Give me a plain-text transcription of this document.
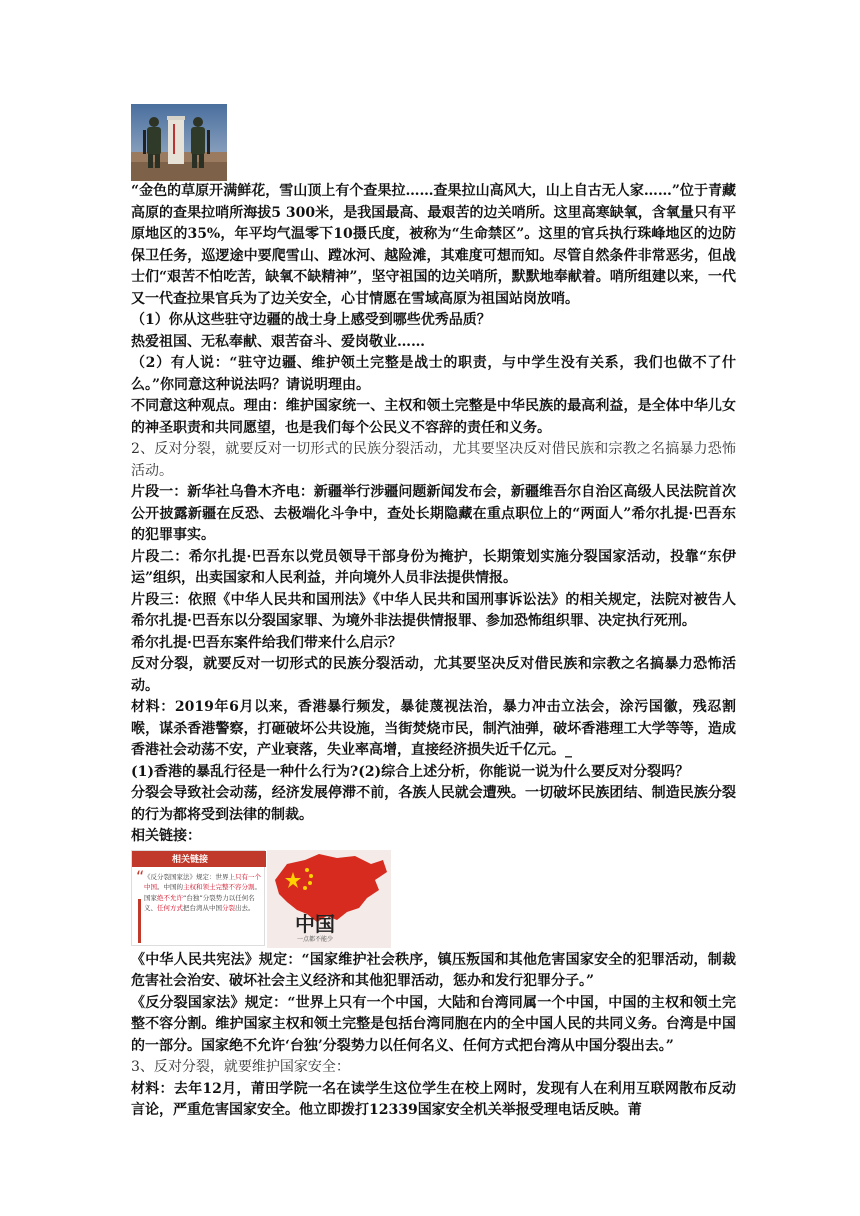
“金色的草原开满鲜花，雪山顶上有个查果拉……查果拉山高风大，山上自古无人家……”位于青藏高原的查果拉哨所海拔5 300米，是我国最高、最艰苦的边关哨所。这里高寒缺氧，含氧量只有平原地区的35%，年平均气温零下10摄氏度，被称为“生命禁区”。这里的官兵执行珠峰地区的边防保卫任务，巡逻途中要爬雪山、蹚冰河、越险滩，其难度可想而知。尽管自然条件非常恶劣，但战士们“艰苦不怕吃苦，缺氧不缺精神”，坚守祖国的边关哨所，默默地奉献着。哨所组建以来，一代又一代查拉果官兵为了边关安全，心甘情愿在雪域高原为祖国站岗放哨。

（1）你从这些驻守边疆的战士身上感受到哪些优秀品质？

热爱祖国、无私奉献、艰苦奋斗、爱岗敬业……

（2）有人说：“驻守边疆、维护领土完整是战士的职责，与中学生没有关系，我们也做不了什么。”你同意这种说法吗？请说明理由。

不同意这种观点。理由：维护国家统一、主权和领土完整是中华民族的最高利益，是全体中华儿女的神圣职责和共同愿望，也是我们每个公民义不容辞的责任和义务。

2、反对分裂，就要反对一切形式的民族分裂活动，尤其要坚决反对借民族和宗教之名搞暴力恐怖活动。

片段一：新华社乌鲁木齐电：新疆举行涉疆问题新闻发布会，新疆维吾尔自治区高级人民法院首次公开披露新疆在反恐、去极端化斗争中，查处长期隐藏在重点职位上的“两面人”希尔扎提·巴吾东的犯罪事实。

片段二：希尔扎提·巴吾东以党员领导干部身份为掩护，长期策划实施分裂国家活动，投靠“东伊运”组织，出卖国家和人民利益，并向境外人员非法提供情报。

片段三：依照《中华人民共和国刑法》《中华人民共和国刑事诉讼法》的相关规定，法院对被告人希尔扎提·巴吾东以分裂国家罪、为境外非法提供情报罪、参加恐怖组织罪、决定执行死刑。

希尔扎提·巴吾东案件给我们带来什么启示？

反对分裂，就要反对一切形式的民族分裂活动，尤其要坚决反对借民族和宗教之名搞暴力恐怖活动。

材料：2019年6月以来，香港暴行频发，暴徒蔑视法治，暴力冲击立法会，涂污国徽，残忍割喉，谋杀香港警察，打砸破坏公共设施，当街焚烧市民，制汽油弹，破坏香港理工大学等等，造成香港社会动荡不安，产业衰落，失业率高增，直接经济损失近千亿元。_

(1)香港的暴乱行径是一种什么行为?(2)综合上述分析，你能说一说为什么要反对分裂吗？

分裂会导致社会动荡，经济发展停滞不前，各族人民就会遭殃。一切破坏民族团结、制造民族分裂的行为都将受到法律的制裁。

相关链接：

相关链接
“ 《反分裂国家法》规定：世界上只有一个中国。中国的主权和领土完整不容分割。国家绝不允许“台独”分裂势力以任何名义、任何方式把台湾从中国分裂出去。
中国
一点都不能少

《中华人民共宪法》规定：“国家维护社会秩序，镇压叛国和其他危害国家安全的犯罪活动，制裁危害社会治安、破坏社会主义经济和其他犯罪活动，惩办和发行犯罪分子。”

《反分裂国家法》规定：“世界上只有一个中国，大陆和台湾同属一个中国，中国的主权和领土完整不容分割。维护国家主权和领土完整是包括台湾同胞在内的全中国人民的共同义务。台湾是中国的一部分。国家绝不允许‘台独’分裂势力以任何名义、任何方式把台湾从中国分裂出去。”

3、反对分裂，就要维护国家安全：

材料：去年12月，莆田学院一名在读学生这位学生在校上网时，发现有人在利用互联网散布反动言论，严重危害国家安全。他立即拨打12339国家安全机关举报受理电话反映。莆
